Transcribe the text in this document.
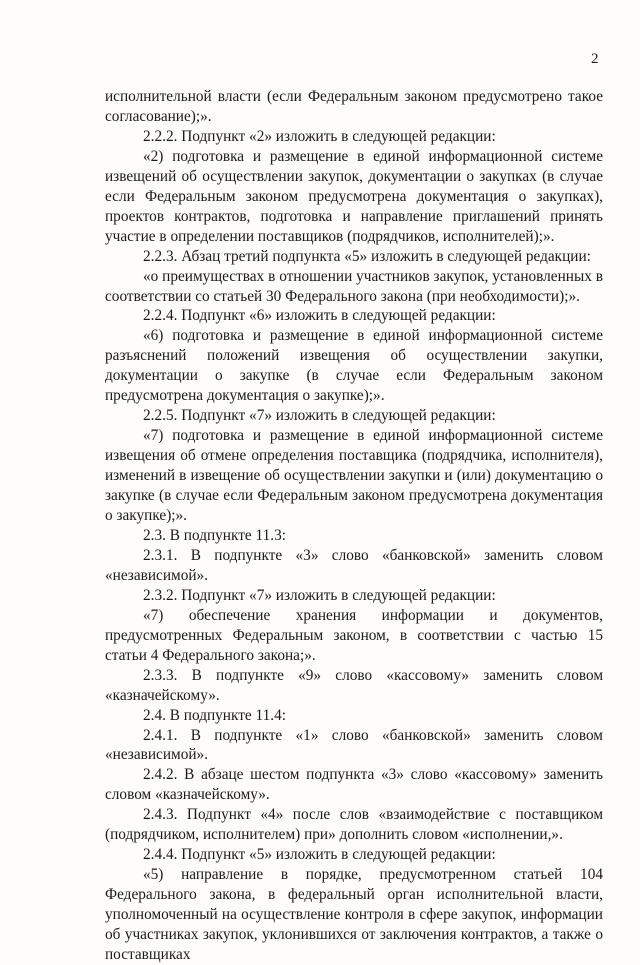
2

исполнительной власти (если Федеральным законом предусмотрено такое согласование);».

2.2.2. Подпункт «2» изложить в следующей редакции:

«2) подготовка и размещение в единой информационной системе извещений об осуществлении закупок, документации о закупках (в случае если Федеральным законом предусмотрена документация о закупках), проектов контрактов, подготовка и направление приглашений принять участие в определении поставщиков (подрядчиков, исполнителей);».

2.2.3. Абзац третий подпункта «5» изложить в следующей редакции:

«о преимуществах в отношении участников закупок, установленных в соответствии со статьей 30 Федерального закона (при необходимости);».

2.2.4. Подпункт «6» изложить в следующей редакции:

«6) подготовка и размещение в единой информационной системе разъяснений положений извещения об осуществлении закупки, документации о закупке (в случае если Федеральным законом предусмотрена документация о закупке);».

2.2.5. Подпункт «7» изложить в следующей редакции:

«7) подготовка и размещение в единой информационной системе извещения об отмене определения поставщика (подрядчика, исполнителя), изменений в извещение об осуществлении закупки и (или) документацию о закупке (в случае если Федеральным законом предусмотрена документация о закупке);».

2.3. В подпункте 11.3:

2.3.1. В подпункте «3» слово «банковской» заменить словом «независимой».

2.3.2. Подпункт «7» изложить в следующей редакции:

«7) обеспечение хранения информации и документов, предусмотренных Федеральным законом, в соответствии с частью 15 статьи 4 Федерального закона;».

2.3.3. В подпункте «9» слово «кассовому» заменить словом «казначейскому».

2.4. В подпункте 11.4:

2.4.1. В подпункте «1» слово «банковской» заменить словом «независимой».

2.4.2. В абзаце шестом подпункта «3» слово «кассовому» заменить словом «казначейскому».

2.4.3. Подпункт «4» после слов «взаимодействие с поставщиком (подрядчиком, исполнителем) при» дополнить словом «исполнении,».

2.4.4. Подпункт «5» изложить в следующей редакции:

«5) направление в порядке, предусмотренном статьей 104 Федерального закона, в федеральный орган исполнительной власти, уполномоченный на осуществление контроля в сфере закупок, информации об участниках закупок, уклонившихся от заключения контрактов, а также о поставщиках
